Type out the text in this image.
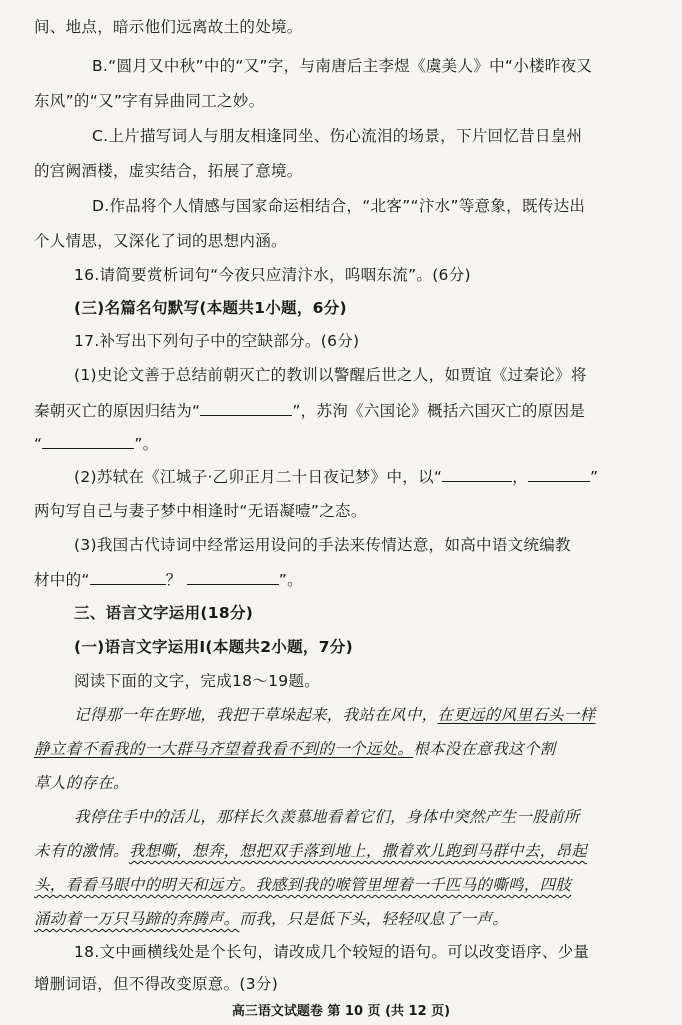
间、地点，暗示他们远离故土的处境。
B.“圆月又中秋”中的“又”字，与南唐后主李煜《虞美人》中“小楼昨夜又
东风”的“又”字有异曲同工之妙。
C.上片描写词人与朋友相逢同坐、伤心流泪的场景，下片回忆昔日皇州
的宫阙酒楼，虚实结合，拓展了意境。
D.作品将个人情感与国家命运相结合，“北客”“汴水”等意象，既传达出
个人情思，又深化了词的思想内涵。
16.请简要赏析词句“今夜只应清汴水，呜咽东流”。(6分)
(三)名篇名句默写(本题共1小题，6分)
17.补写出下列句子中的空缺部分。(6分)
(1)史论文善于总结前朝灭亡的教训以警醒后世之人，如贾谊《过秦论》将
秦朝灭亡的原因归结为“	”，苏洵《六国论》概括六国灭亡的原因是
“	”。
(2)苏轼在《江城子·乙卯正月二十日夜记梦》中，以“	，	”
两句写自己与妻子梦中相逢时“无语凝噎”之态。
(3)我国古代诗词中经常运用设问的手法来传情达意，如高中语文统编教
材中的“	？	”。
三、语言文字运用(18分)
(一)语言文字运用Ⅰ(本题共2小题，7分)
阅读下面的文字，完成18～19题。
记得那一年在野地，我把干草垛起来，我站在风中，在更远的风里石头一样
静立着不看我的一大群马齐望着我看不到的一个远处。根本没在意我这个割
草人的存在。
我停住手中的活儿，那样长久羡慕地看着它们，身体中突然产生一股前所
未有的激情。我想嘶，想奔，想把双手落到地上，撒着欢儿跑到马群中去，昂起
头，看看马眼中的明天和远方。我感到我的喉管里埋着一千匹马的嘶鸣，四肢
涌动着一万只马蹄的奔腾声。而我，只是低下头，轻轻叹息了一声。
18.文中画横线处是个长句，请改成几个较短的语句。可以改变语序、少量
增删词语，但不得改变原意。(3分)
高三语文试题卷 第 10 页 (共 12 页)
